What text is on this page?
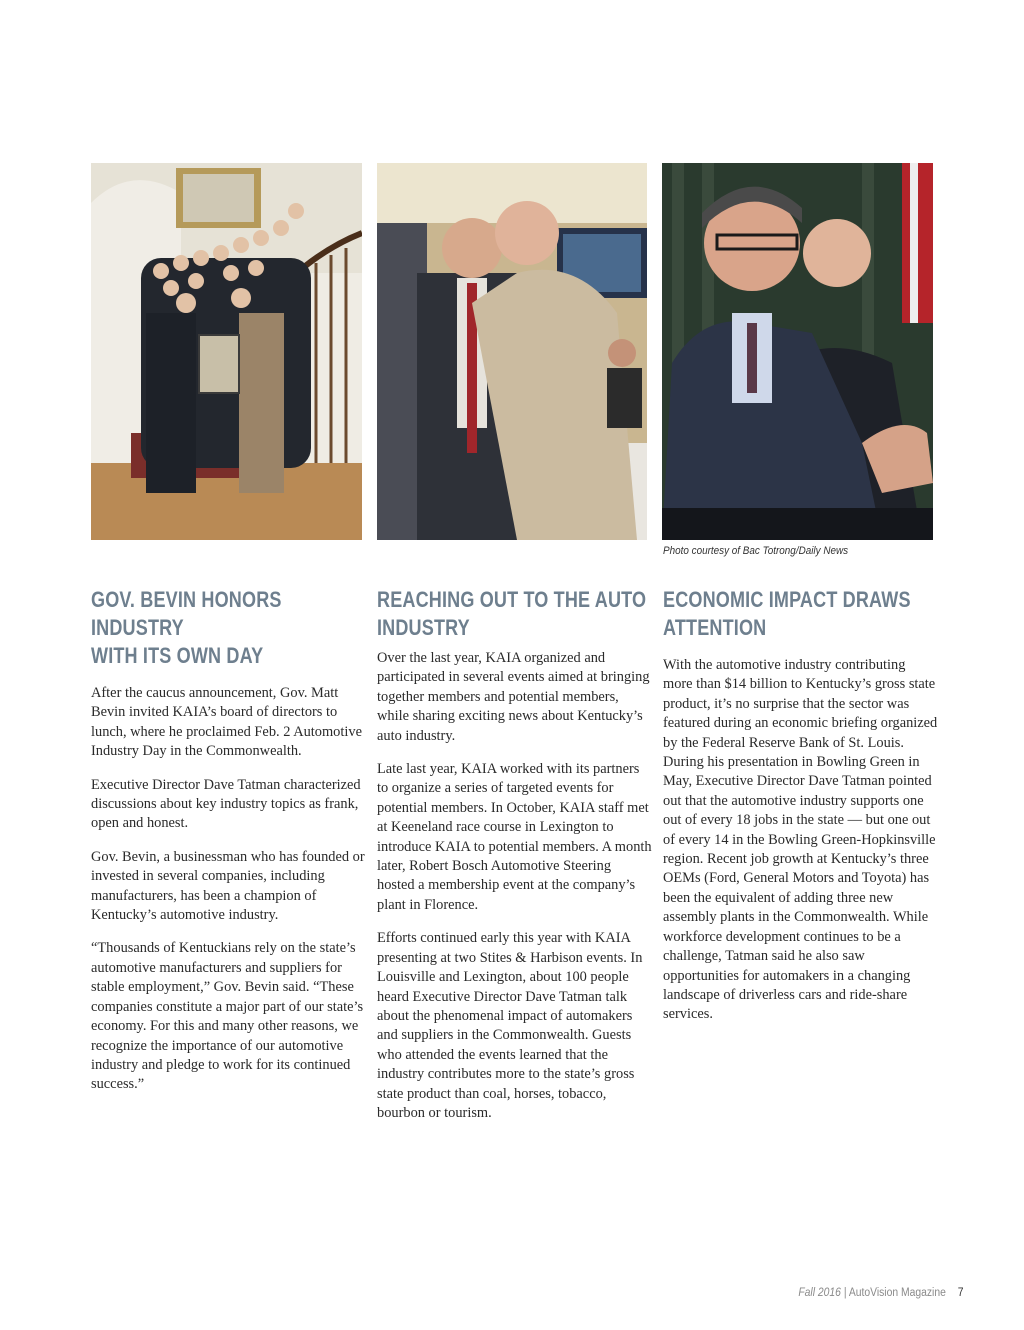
Photo courtesy of Bac Totrong/Daily News
GOV. BEVIN HONORS INDUSTRY
WITH ITS OWN DAY

After the caucus announcement, Gov. Matt Bevin invited KAIA’s board of directors to lunch, where he proclaimed Feb. 2 Automotive Industry Day in the Commonwealth.

Executive Director Dave Tatman characterized discussions about key industry topics as frank, open and honest.

Gov. Bevin, a businessman who has founded or invested in several companies, including manufacturers, has been a champion of Kentucky’s automotive industry.

“Thousands of Kentuckians rely on the state’s automotive manufacturers and suppliers for stable employment,” Gov. Bevin said. “These companies constitute a major part of our state’s economy. For this and many other reasons, we recognize the importance of our automotive industry and pledge to work for its continued success.”

REACHING OUT TO THE AUTO
INDUSTRY

Over the last year, KAIA organized and participated in several events aimed at bringing together members and potential members, while sharing exciting news about Kentucky’s auto industry.

Late last year, KAIA worked with its partners to organize a series of targeted events for potential members. In October, KAIA staff met at Keeneland race course in Lexington to introduce KAIA to potential members. A month later, Robert Bosch Automotive Steering hosted a membership event at the company’s plant in Florence.

Efforts continued early this year with KAIA presenting at two Stites & Harbison events. In Louisville and Lexington, about 100 people heard Executive Director Dave Tatman talk about the phenomenal impact of automakers and suppliers in the Commonwealth. Guests who attended the events learned that the industry contributes more to the state’s gross state product than coal, horses, tobacco, bourbon or tourism.

ECONOMIC IMPACT DRAWS
ATTENTION

With the automotive industry contributing more than $14 billion to Kentucky’s gross state product, it’s no surprise that the sector was featured during an economic briefing organized by the Federal Reserve Bank of St. Louis. During his presentation in Bowling Green in May, Executive Director Dave Tatman pointed out that the automotive industry supports one out of every 18 jobs in the state — but one out of every 14 in the Bowling Green-Hopkinsville region. Recent job growth at Kentucky’s three OEMs (Ford, General Motors and Toyota) has been the equivalent of adding three new assembly plants in the Commonwealth. While workforce development continues to be a challenge, Tatman said he also saw opportunities for automakers in a changing landscape of driverless cars and ride-share services.

Fall 2016 | AutoVision Magazine 7
